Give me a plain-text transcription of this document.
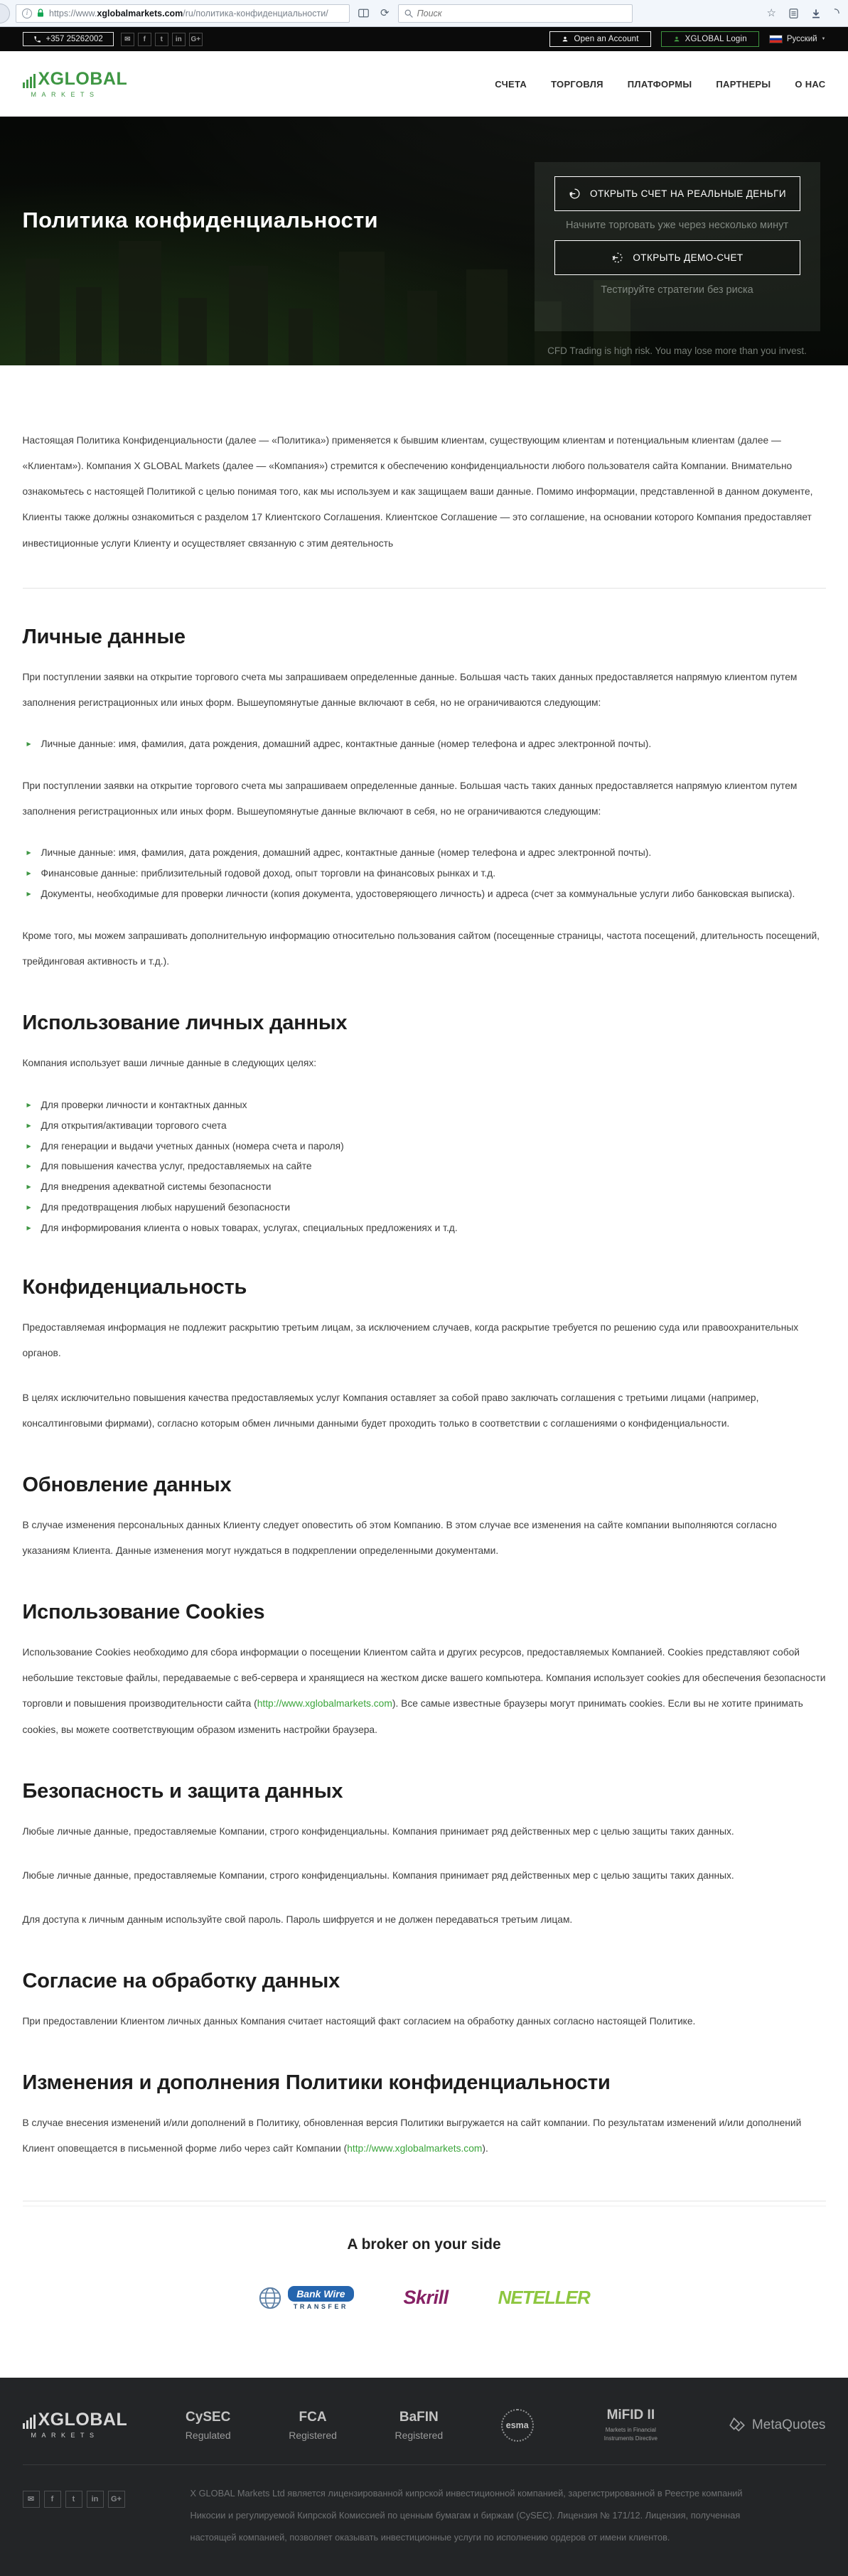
i	https://www.xglobalmarkets.com/ru/политика-конфиденциальности/	⟳
Поиск	☆
+357 25262002	✉	f	t	in	G+	Open an Account	XGLOBAL Login	Русский ▼
XGLOBAL
MARKETS
СЧЕТА	ТОРГОВЛЯ	ПЛАТФОРМЫ	ПАРТНЕРЫ	О НАС
Политика конфиденциальности
ОТКРЫТЬ СЧЕТ НА РЕАЛЬНЫЕ ДЕНЬГИ
Начните торговать уже через несколько минут
ОТКРЫТЬ ДЕМО-СЧЕТ
Тестируйте стратегии без риска
CFD Trading is high risk. You may lose more than you invest.

Настоящая Политика Конфиденциальности (далее — «Политика») применяется к бывшим клиентам, существующим клиентам и потенциальным клиентам (далее — «Клиентам»). Компания X GLOBAL Markets (далее — «Компания») стремится к обеспечению конфиденциальности любого пользователя сайта Компании. Внимательно ознакомьтесь с настоящей Политикой с целью понимая того, как мы используем и как защищаем ваши данные. Помимо информации, представленной в данном документе, Клиенты также должны ознакомиться с разделом 17 Клиентского Соглашения. Клиентское Соглашение — это соглашение, на основании которого Компания предоставляет инвестиционные услуги Клиенту и осуществляет связанную с этим деятельность

Личные данные

При поступлении заявки на открытие торгового счета мы запрашиваем определенные данные. Большая часть таких данных предоставляется напрямую клиентом путем заполнения регистрационных или иных форм. Вышеупомянутые данные включают в себя, но не ограничиваются следующим:

▶ Личные данные: имя, фамилия, дата рождения, домашний адрес, контактные данные (номер телефона и адрес электронной почты).

При поступлении заявки на открытие торгового счета мы запрашиваем определенные данные. Большая часть таких данных предоставляется напрямую клиентом путем заполнения регистрационных или иных форм. Вышеупомянутые данные включают в себя, но не ограничиваются следующим:

▶ Личные данные: имя, фамилия, дата рождения, домашний адрес, контактные данные (номер телефона и адрес электронной почты).
▶ Финансовые данные: приблизительный годовой доход, опыт торговли на финансовых рынках и т.д.
▶ Документы, необходимые для проверки личности (копия документа, удостоверяющего личность) и адреса (счет за коммунальные услуги либо банковская выписка).

Кроме того, мы можем запрашивать дополнительную информацию относительно пользования сайтом (посещенные страницы, частота посещений, длительность посещений, трейдинговая активность и т.д.).

Использование личных данных

Компания использует ваши личные данные в следующих целях:

▶ Для проверки личности и контактных данных
▶ Для открытия/активации торгового счета
▶ Для генерации и выдачи учетных данных (номера счета и пароля)
▶ Для повышения качества услуг, предоставляемых на сайте
▶ Для внедрения адекватной системы безопасности
▶ Для предотвращения любых нарушений безопасности
▶ Для информирования клиента о новых товарах, услугах, специальных предложениях и т.д.
Конфиденциальность

Предоставляемая информация не подлежит раскрытию третьим лицам, за исключением случаев, когда раскрытие требуется по решению суда или правоохранительных органов.

В целях исключительно повышения качества предоставляемых услуг Компания оставляет за собой право заключать соглашения с третьими лицами (например, консалтинговыми фирмами), согласно которым обмен личными данными будет проходить только в соответствии с соглашениями о конфиденциальности.

Обновление данных

В случае изменения персональных данных Клиенту следует оповестить об этом Компанию. В этом случае все изменения на сайте компании выполняются согласно указаниям Клиента. Данные изменения могут нуждаться в подкреплении определенными документами.

Использование Cookies

Использование Cookies необходимо для сбора информации о посещении Клиентом сайта и других ресурсов, предоставляемых Компанией. Cookies представляют собой небольшие текстовые файлы, передаваемые с веб-сервера и хранящиеся на жестком диске вашего компьютера. Компания использует cookies для обеспечения безопасности торговли и повышения производительности сайта (http://www.xglobalmarkets.com). Все самые известные браузеры могут принимать cookies. Если вы не хотите принимать cookies, вы можете соответствующим образом изменить настройки браузера.

Безопасность и защита данных

Любые личные данные, предоставляемые Компании, строго конфиденциальны. Компания принимает ряд действенных мер с целью защиты таких данных.

Любые личные данные, предоставляемые Компании, строго конфиденциальны. Компания принимает ряд действенных мер с целью защиты таких данных.

Для доступа к личным данным используйте свой пароль. Пароль шифруется и не должен передаваться третьим лицам.

Согласие на обработку данных

При предоставлении Клиентом личных данных Компания считает настоящий факт согласием на обработку данных согласно настоящей Политике.

Изменения и дополнения Политики конфиденциальности

В случае внесения изменений и/или дополнений в Политику, обновленная версия Политики выгружается на сайт компании. По результатам изменений и/или дополнений Клиент оповещается в письменной форме либо через сайт Компании (http://www.xglobalmarkets.com).

A broker on your side
Bank Wire
TRANSFER	Skrill	NETELLER
XGLOBAL
MARKETS
CySEC
Regulated
FCA
Registered
BaFIN
Registered
esma
MiFID II
Markets in Financial Instruments Directive
MetaQuotes
✉	f	t	in	G+

X GLOBAL Markets Ltd является лицензированной кипрской инвестиционной компанией, зарегистрированной в Реестре компаний Никосии и регулируемой Кипрской Комиссией по ценным бумагам и биржам (CySEC). Лицензия № 171/12. Лицензия, полученная настоящей компанией, позволяет оказывать инвестиционные услуги по исполнению ордеров от имени клиентов.
